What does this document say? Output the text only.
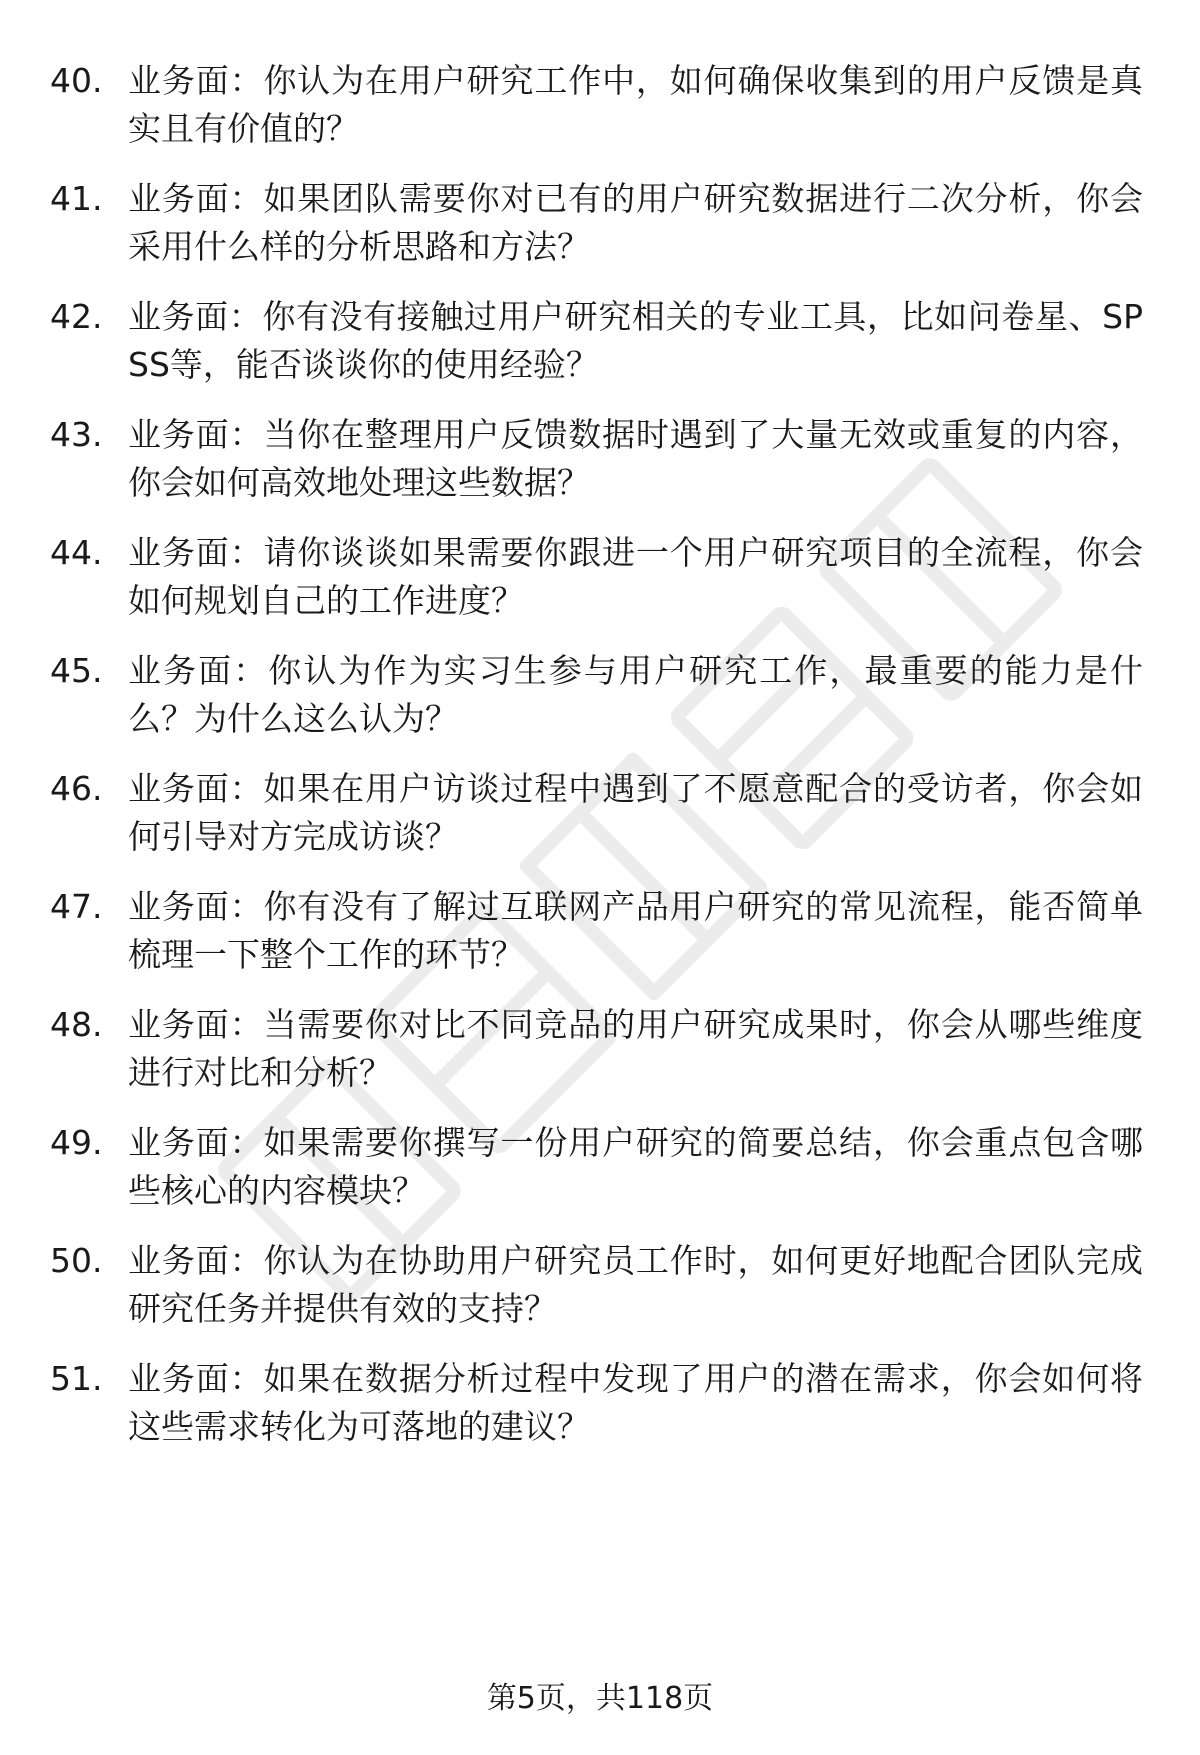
40. 业务面：你认为在用户研究工作中，如何确保收集到的用户反馈是真实且有价值的？
41. 业务面：如果团队需要你对已有的用户研究数据进行二次分析，你会采用什么样的分析思路和方法？
42. 业务面：你有没有接触过用户研究相关的专业工具，比如问卷星、SPSS等，能否谈谈你的使用经验？
43. 业务面：当你在整理用户反馈数据时遇到了大量无效或重复的内容，你会如何高效地处理这些数据？
44. 业务面：请你谈谈如果需要你跟进一个用户研究项目的全流程，你会如何规划自己的工作进度？
45. 业务面：你认为作为实习生参与用户研究工作，最重要的能力是什么？为什么这么认为？
46. 业务面：如果在用户访谈过程中遇到了不愿意配合的受访者，你会如何引导对方完成访谈？
47. 业务面：你有没有了解过互联网产品用户研究的常见流程，能否简单梳理一下整个工作的环节？
48. 业务面：当需要你对比不同竞品的用户研究成果时，你会从哪些维度进行对比和分析？
49. 业务面：如果需要你撰写一份用户研究的简要总结，你会重点包含哪些核心的内容模块？
50. 业务面：你认为在协助用户研究员工作时，如何更好地配合团队完成研究任务并提供有效的支持？
51. 业务面：如果在数据分析过程中发现了用户的潜在需求，你会如何将这些需求转化为可落地的建议？
第5页，共118页
